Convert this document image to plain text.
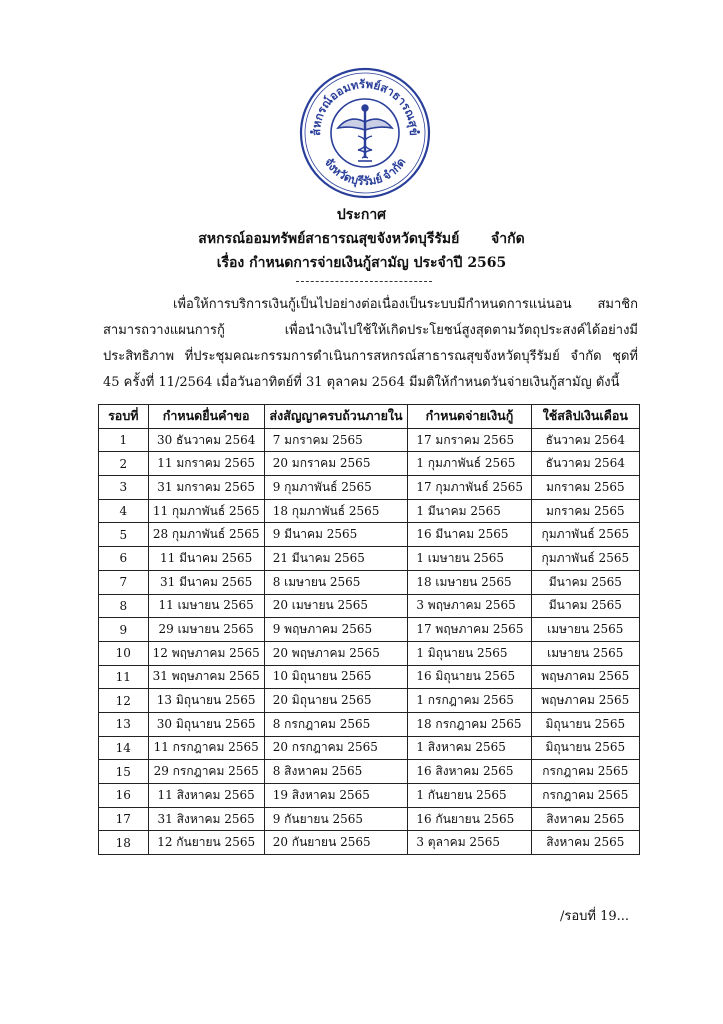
สหกรณ์ออมทรัพย์สาธารณสุข
จังหวัดบุรีรัมย์ จำกัด
ประกาศ
สหกรณ์ออมทรัพย์สาธารณสุขจังหวัดบุรีรัมย์ จำกัด
เรื่อง กำหนดการจ่ายเงินกู้สามัญ ประจำปี 2565

เพื่อให้การบริการเงินกู้เป็นไปอย่างต่อเนื่องเป็นระบบมีกำหนดการแน่นอน สมาชิกสามารถวางแผนการกู้ เพื่อนำเงินไปใช้ให้เกิดประโยชน์สูงสุดตามวัตถุประสงค์ได้อย่างมีประสิทธิภาพ ที่ประชุมคณะกรรมการดำเนินการสหกรณ์สาธารณสุขจังหวัดบุรีรัมย์ จำกัด ชุดที่ 45 ครั้งที่ 11/2564 เมื่อวันอาทิตย์ที่ 31 ตุลาคม 2564 มีมติให้กำหนดวันจ่ายเงินกู้สามัญ ดังนี้

รอบที่	กำหนดยื่นคำขอ	ส่งสัญญาครบถ้วนภายใน	กำหนดจ่ายเงินกู้	ใช้สลิปเงินเดือน
1	30 ธันวาคม 2564	7 มกราคม 2565	17 มกราคม 2565	ธันวาคม 2564
2	11 มกราคม 2565	20 มกราคม 2565	1 กุมภาพันธ์ 2565	ธันวาคม 2564
3	31 มกราคม 2565	9 กุมภาพันธ์ 2565	17 กุมภาพันธ์ 2565	มกราคม 2565
4	11 กุมภาพันธ์ 2565	18 กุมภาพันธ์ 2565	1 มีนาคม 2565	มกราคม 2565
5	28 กุมภาพันธ์ 2565	9 มีนาคม 2565	16 มีนาคม 2565	กุมภาพันธ์ 2565
6	11 มีนาคม 2565	21 มีนาคม 2565	1 เมษายน 2565	กุมภาพันธ์ 2565
7	31 มีนาคม 2565	8 เมษายน 2565	18 เมษายน 2565	มีนาคม 2565
8	11 เมษายน 2565	20 เมษายน 2565	3 พฤษภาคม 2565	มีนาคม 2565
9	29 เมษายน 2565	9 พฤษภาคม 2565	17 พฤษภาคม 2565	เมษายน 2565
10	12 พฤษภาคม 2565	20 พฤษภาคม 2565	1 มิถุนายน 2565	เมษายน 2565
11	31 พฤษภาคม 2565	10 มิถุนายน 2565	16 มิถุนายน 2565	พฤษภาคม 2565
12	13 มิถุนายน 2565	20 มิถุนายน 2565	1 กรกฎาคม 2565	พฤษภาคม 2565
13	30 มิถุนายน 2565	8 กรกฎาคม 2565	18 กรกฎาคม 2565	มิถุนายน 2565
14	11 กรกฎาคม 2565	20 กรกฎาคม 2565	1 สิงหาคม 2565	มิถุนายน 2565
15	29 กรกฎาคม 2565	8 สิงหาคม 2565	16 สิงหาคม 2565	กรกฎาคม 2565
16	11 สิงหาคม 2565	19 สิงหาคม 2565	1 กันยายน 2565	กรกฎาคม 2565
17	31 สิงหาคม 2565	9 กันยายน 2565	16 กันยายน 2565	สิงหาคม 2565
18	12 กันยายน 2565	20 กันยายน 2565	3 ตุลาคม 2565	สิงหาคม 2565
/รอบที่ 19...
